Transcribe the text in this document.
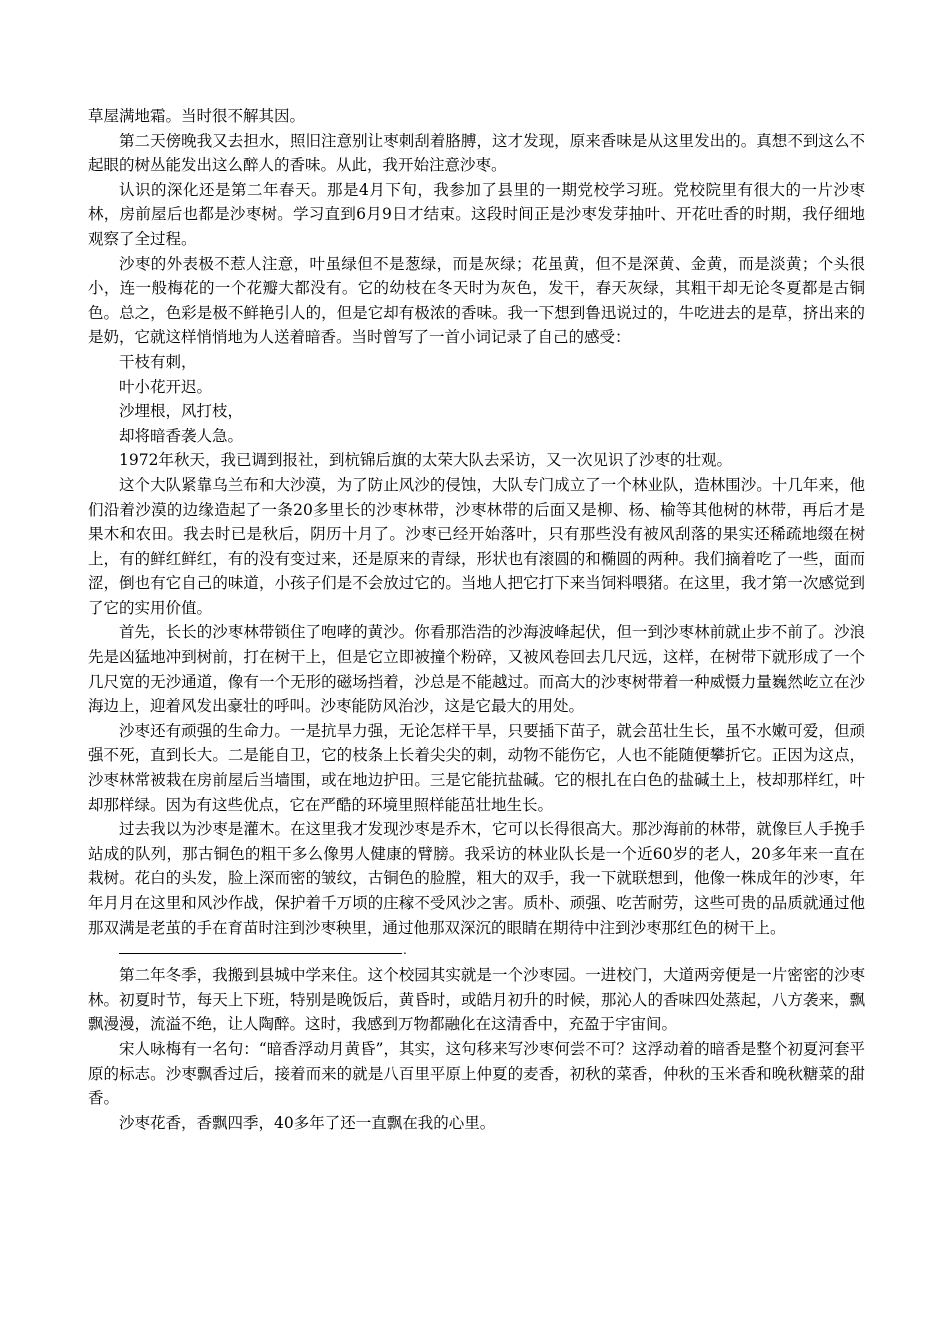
草屋满地霜。当时很不解其因。

第二天傍晚我又去担水，照旧注意别让枣刺刮着胳膊，这才发现，原来香味是从这里发出的。真想不到这么不起眼的树丛能发出这么醉人的香味。从此，我开始注意沙枣。

认识的深化还是第二年春天。那是4月下旬，我参加了县里的一期党校学习班。党校院里有很大的一片沙枣林，房前屋后也都是沙枣树。学习直到6月9日才结束。这段时间正是沙枣发芽抽叶、开花吐香的时期，我仔细地观察了全过程。

沙枣的外表极不惹人注意，叶虽绿但不是葱绿，而是灰绿；花虽黄，但不是深黄、金黄，而是淡黄；个头很小，连一般梅花的一个花瓣大都没有。它的幼枝在冬天时为灰色，发干，春天灰绿，其粗干却无论冬夏都是古铜色。总之，色彩是极不鲜艳引人的，但是它却有极浓的香味。我一下想到鲁迅说过的，牛吃进去的是草，挤出来的是奶，它就这样悄悄地为人送着暗香。当时曾写了一首小词记录了自己的感受：

干枝有刺，

叶小花开迟。

沙埋根，风打枝，

却将暗香袭人急。

1972年秋天，我已调到报社，到杭锦后旗的太荣大队去采访，又一次见识了沙枣的壮观。

这个大队紧靠乌兰布和大沙漠，为了防止风沙的侵蚀，大队专门成立了一个林业队，造林围沙。十几年来，他们沿着沙漠的边缘造起了一条20多里长的沙枣林带，沙枣林带的后面又是柳、杨、榆等其他树的林带，再后才是果木和农田。我去时已是秋后，阴历十月了。沙枣已经开始落叶，只有那些没有被风刮落的果实还稀疏地缀在树上，有的鲜红鲜红，有的没有变过来，还是原来的青绿，形状也有滚圆的和椭圆的两种。我们摘着吃了一些，面而涩，倒也有它自己的味道，小孩子们是不会放过它的。当地人把它打下来当饲料喂猪。在这里，我才第一次感觉到了它的实用价值。

首先，长长的沙枣林带锁住了咆哮的黄沙。你看那浩浩的沙海波峰起伏，但一到沙枣林前就止步不前了。沙浪先是凶猛地冲到树前，打在树干上，但是它立即被撞个粉碎，又被风卷回去几尺远，这样，在树带下就形成了一个几尺宽的无沙通道，像有一个无形的磁场挡着，沙总是不能越过。而高大的沙枣树带着一种威慑力量巍然屹立在沙海边上，迎着风发出豪壮的呼叫。沙枣能防风治沙，这是它最大的用处。

沙枣还有顽强的生命力。一是抗旱力强，无论怎样干旱，只要插下苗子，就会茁壮生长，虽不水嫩可爱，但顽强不死，直到长大。二是能自卫，它的枝条上长着尖尖的刺，动物不能伤它，人也不能随便攀折它。正因为这点，沙枣林常被栽在房前屋后当墙围，或在地边护田。三是它能抗盐碱。它的根扎在白色的盐碱土上，枝却那样红，叶却那样绿。因为有这些优点，它在严酷的环境里照样能茁壮地生长。

过去我以为沙枣是灌木。在这里我才发现沙枣是乔木，它可以长得很高大。那沙海前的林带，就像巨人手挽手站成的队列，那古铜色的粗干多么像男人健康的臂膀。我采访的林业队长是一个近60岁的老人，20多年来一直在栽树。花白的头发，脸上深而密的皱纹，古铜色的脸膛，粗大的双手，我一下就联想到，他像一株成年的沙枣，年年月月在这里和风沙作战，保护着千万顷的庄稼不受风沙之害。质朴、顽强、吃苦耐劳，这些可贵的品质就通过他那双满是老茧的手在育苗时注到沙枣秧里，通过他那双深沉的眼睛在期待中注到沙枣那红色的树干上。

.

第二年冬季，我搬到县城中学来住。这个校园其实就是一个沙枣园。一进校门，大道两旁便是一片密密的沙枣林。初夏时节，每天上下班，特别是晚饭后，黄昏时，或皓月初升的时候，那沁人的香味四处蒸起，八方袭来，飘飘漫漫，流溢不绝，让人陶醉。这时，我感到万物都融化在这清香中，充盈于宇宙间。

宋人咏梅有一名句：“暗香浮动月黄昏”，其实，这句移来写沙枣何尝不可？这浮动着的暗香是整个初夏河套平原的标志。沙枣飘香过后，接着而来的就是八百里平原上仲夏的麦香，初秋的菜香，仲秋的玉米香和晚秋糖菜的甜香。

沙枣花香，香飘四季，40多年了还一直飘在我的心里。
